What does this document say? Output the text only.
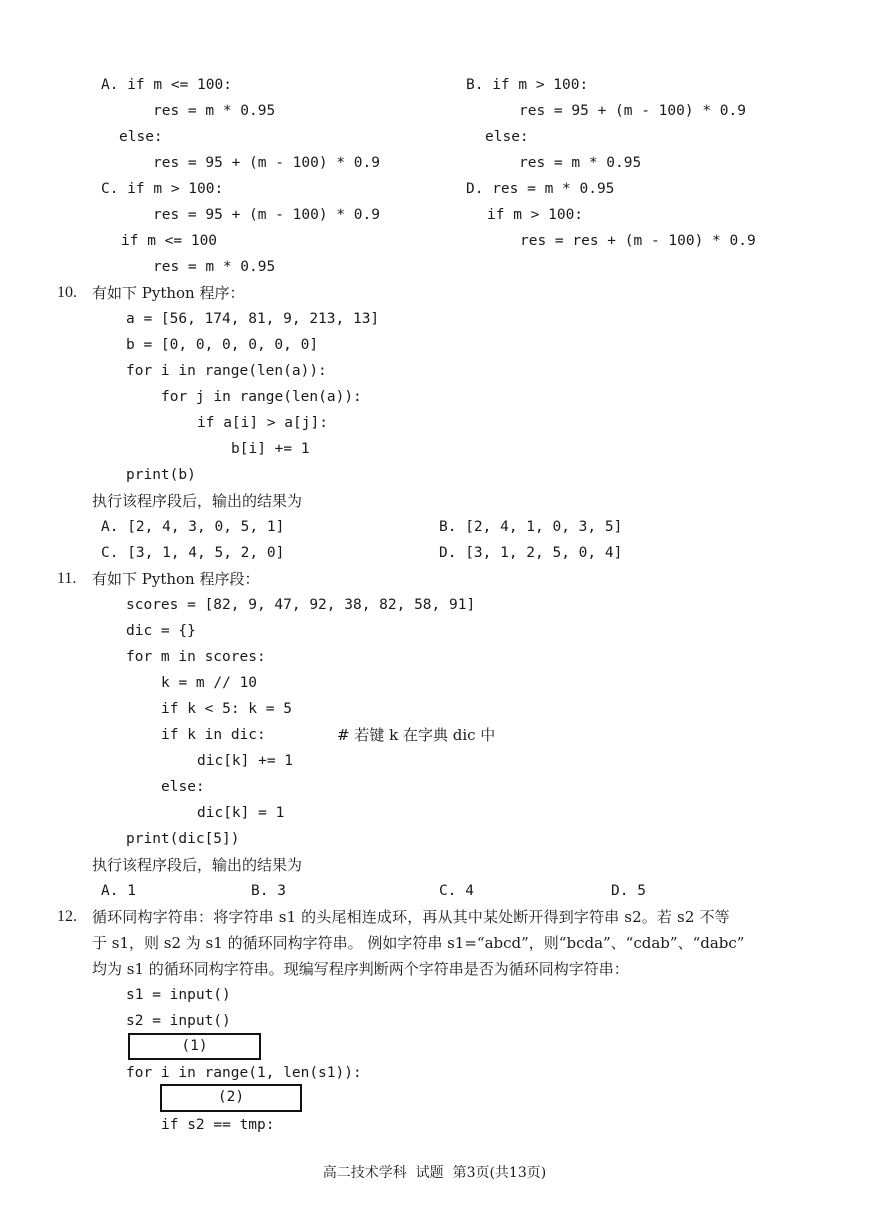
A. if m <= 100:
res = m * 0.95
else:
res = 95 + (m - 100) * 0.9
B. if m > 100:
res = 95 + (m - 100) * 0.9
else:
res = m * 0.95
C. if m > 100:
res = 95 + (m - 100) * 0.9
if m <= 100
res = m * 0.95
D. res = m * 0.95
if m > 100:
res = res + (m - 100) * 0.9
10. 有如下 Python 程序：
a = [56, 174, 81, 9, 213, 13]
b = [0, 0, 0, 0, 0, 0]
for i in range(len(a)):
for j in range(len(a)):
if a[i] > a[j]:
b[i] += 1
print(b)
执行该程序段后，输出的结果为
A. [2, 4, 3, 0, 5, 1]	B. [2, 4, 1, 0, 3, 5]
C. [3, 1, 4, 5, 2, 0]	D. [3, 1, 2, 5, 0, 4]
11. 有如下 Python 程序段：
scores = [82, 9, 47, 92, 38, 82, 58, 91]
dic = {}
for m in scores:
k = m // 10
if k < 5: k = 5
if k in dic:	# 若键 k 在字典 dic 中
dic[k] += 1
else:
dic[k] = 1
print(dic[5])
执行该程序段后，输出的结果为
A. 1	B. 3	C. 4	D. 5
12. 循环同构字符串：将字符串 s1 的头尾相连成环，再从其中某处断开得到字符串 s2。若 s2 不等
于 s1，则 s2 为 s1 的循环同构字符串。 例如字符串 s1=“abcd”，则“bcda”、“cdab”、“dabc”
均为 s1 的循环同构字符串。现编写程序判断两个字符串是否为循环同构字符串：
s1 = input()
s2 = input()
(1)
for i in range(1, len(s1)):
(2)
if s2 == tmp:
高二技术学科  试题  第3页(共13页)
